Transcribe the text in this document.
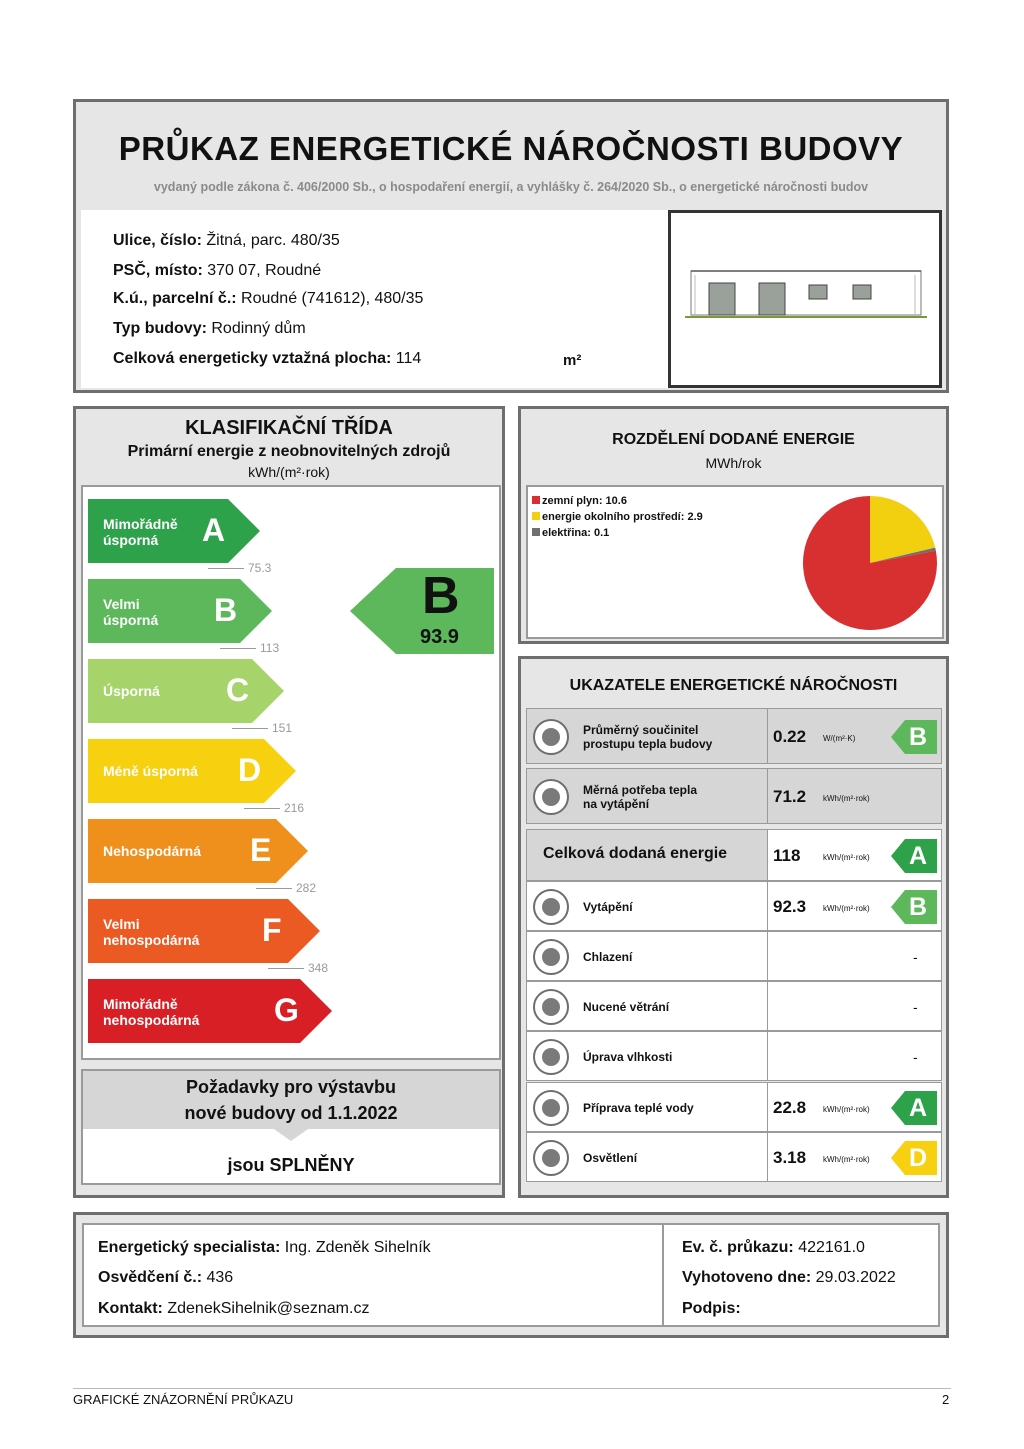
PRŮKAZ ENERGETICKÉ NÁROČNOSTI BUDOVY
vydaný podle zákona č. 406/2000 Sb., o hospodaření energií, a vyhlášky č. 264/2020 Sb., o energetické náročnosti budov
Ulice, číslo: Žitná, parc. 480/35
PSČ, místo: 370 07, Roudné
K.ú., parcelní č.: Roudné (741612), 480/35
Typ budovy: Rodinný dům
Celková energeticky vztažná plocha: 114	m²
KLASIFIKAČNÍ TŘÍDA
Primární energie z neobnovitelných zdrojů
kWh/(m²·rok)
Požadavky pro výstavbu
nové budovy od 1.1.2022
jsou SPLNĚNY
Mimořádně
úsporná	A
75.3
Velmi
úsporná B
113
Úsporná C
151
Méně úsporná D
216
Nehospodárná E
282
Velmi
nehospodárná F
348
Mimořádně
nehospodárná G
B
93.9
ROZDĚLENÍ DODANÉ ENERGIE
MWh/rok
zemní plyn: 10.6
energie okolního prostředí: 2.9
elektřina: 0.1
UKAZATELE ENERGETICKÉ NÁROČNOSTI
Průměrný součinitel
prostupu tepla budovy	0.22 W/(m²·K) B
Měrná potřeba tepla
na vytápění	71.2 kWh/(m²·rok)
Celková dodaná energie	118	kWh/(m²·rok) A
Vytápění	92.3 kWh/(m²·rok) B
Chlazení	-
Nucené větrání	-
Úprava vlhkosti	-
Příprava teplé vody	22.8 kWh/(m²·rok) A
Osvětlení	3.18 kWh/(m²·rok) D
Energetický specialista: Ing. Zdeněk Sihelník
Osvědčení č.: 436
Kontakt: ZdenekSihelnik@seznam.cz
Ev. č. průkazu: 422161.0
Vyhotoveno dne: 29.03.2022
Podpis:
GRAFICKÉ ZNÁZORNĚNÍ PRŮKAZU	2
